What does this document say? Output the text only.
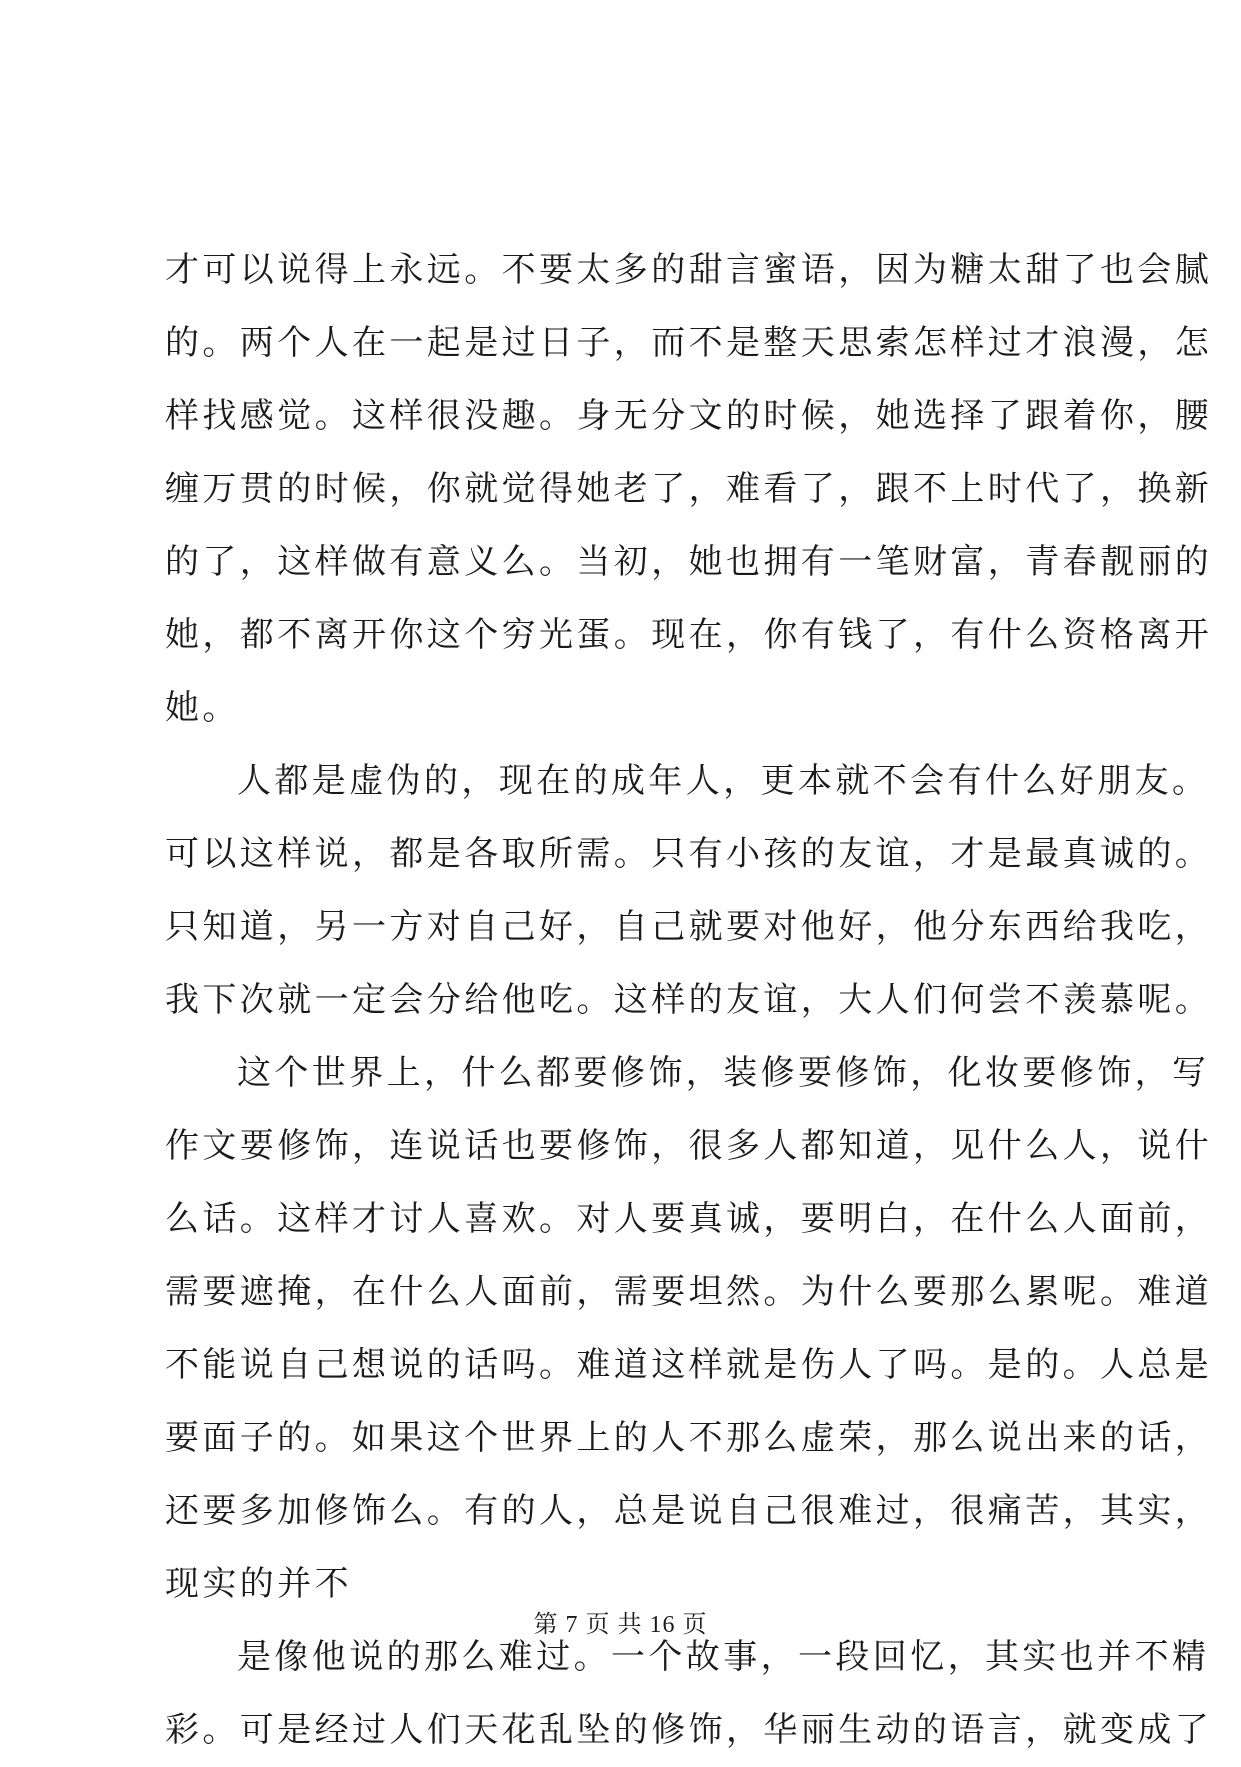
才可以说得上永远。不要太多的甜言蜜语，因为糖太甜了也会腻
的。两个人在一起是过日子，而不是整天思索怎样过才浪漫，怎
样找感觉。这样很没趣。身无分文的时候，她选择了跟着你，腰
缠万贯的时候，你就觉得她老了，难看了，跟不上时代了，换新
的了，这样做有意义么。当初，她也拥有一笔财富，青春靓丽的
她，都不离开你这个穷光蛋。现在，你有钱了，有什么资格离开
她。
人都是虚伪的，现在的成年人，更本就不会有什么好朋友。
可以这样说，都是各取所需。只有小孩的友谊，才是最真诚的。
只知道，另一方对自己好，自己就要对他好，他分东西给我吃，
我下次就一定会分给他吃。这样的友谊，大人们何尝不羡慕呢。
这个世界上，什么都要修饰，装修要修饰，化妆要修饰，写
作文要修饰，连说话也要修饰，很多人都知道，见什么人，说什
么话。这样才讨人喜欢。对人要真诚，要明白，在什么人面前，
需要遮掩，在什么人面前，需要坦然。为什么要那么累呢。难道
不能说自己想说的话吗。难道这样就是伤人了吗。是的。人总是
要面子的。如果这个世界上的人不那么虚荣，那么说出来的话，
还要多加修饰么。有的人，总是说自己很难过，很痛苦，其实，
现实的并不
是像他说的那么难过。一个故事，一段回忆，其实也并不精
彩。可是经过人们天花乱坠的修饰，华丽生动的语言，就变成了
第 7 页 共 16 页
